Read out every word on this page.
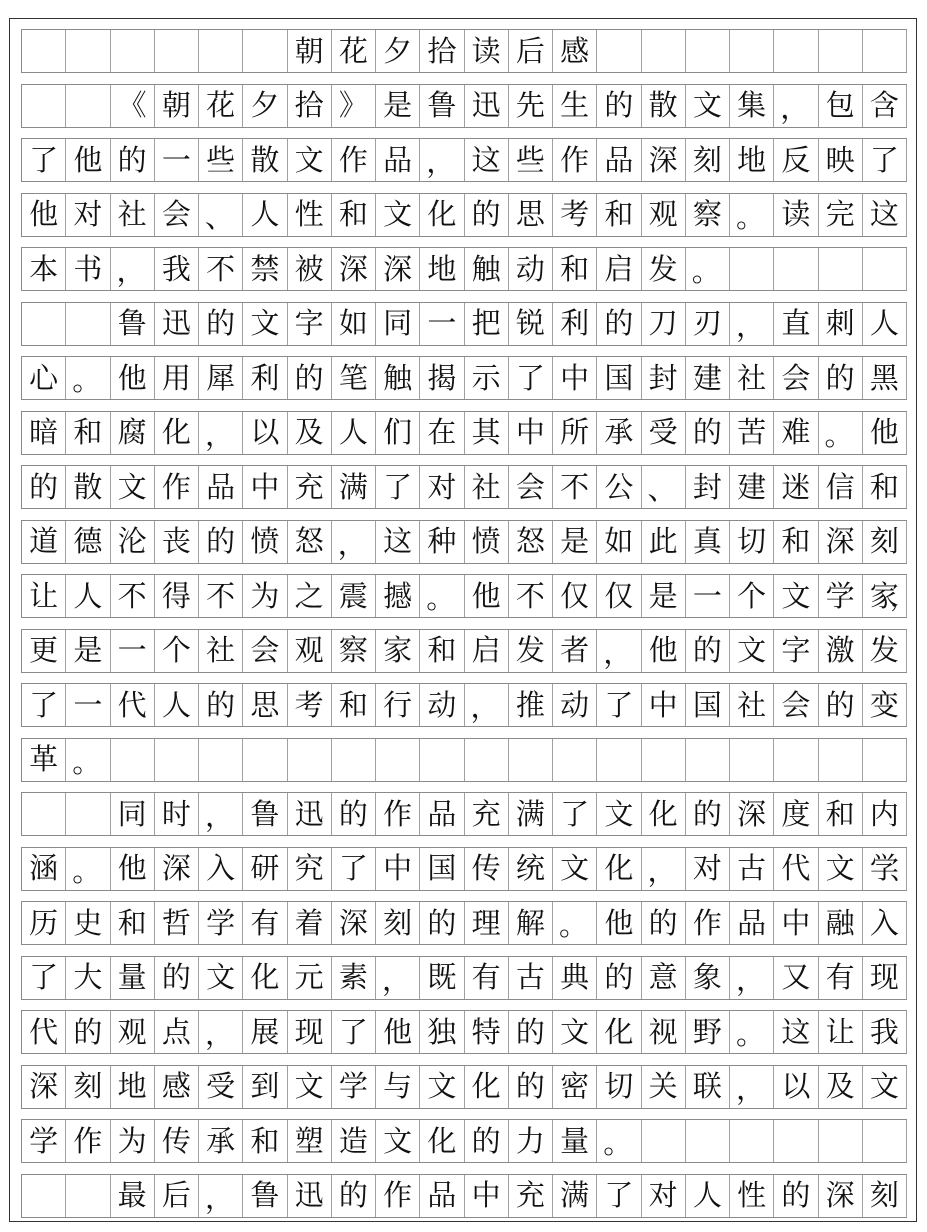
朝 花 夕 拾 读 后 感
《 朝 花 夕 拾 》 是 鲁 迅 先 生 的 散 文 集 ， 包 含
了 他 的 一 些 散 文 作 品 ， 这 些 作 品 深 刻 地 反 映 了
他 对 社 会 、 人 性 和 文 化 的 思 考 和 观 察 。 读 完 这
本 书 ， 我 不 禁 被 深 深 地 触 动 和 启 发 。
鲁 迅 的 文 字 如 同 一 把 锐 利 的 刀 刃 ， 直 刺 人
心 。 他 用 犀 利 的 笔 触 揭 示 了 中 国 封 建 社 会 的 黑
暗 和 腐 化 ， 以 及 人 们 在 其 中 所 承 受 的 苦 难 。 他
的 散 文 作 品 中 充 满 了 对 社 会 不 公 、 封 建 迷 信 和
道 德 沦 丧 的 愤 怒 ， 这 种 愤 怒 是 如 此 真 切 和 深 刻
让 人 不 得 不 为 之 震 撼 。 他 不 仅 仅 是 一 个 文 学 家 ，
更 是 一 个 社 会 观 察 家 和 启 发 者 ， 他 的 文 字 激 发
了 一 代 人 的 思 考 和 行 动 ， 推 动 了 中 国 社 会 的 变
革 。
同 时 ， 鲁 迅 的 作 品 充 满 了 文 化 的 深 度 和 内
涵 。 他 深 入 研 究 了 中 国 传 统 文 化 ， 对 古 代 文 学 、
历 史 和 哲 学 有 着 深 刻 的 理 解 。 他 的 作 品 中 融 入
了 大 量 的 文 化 元 素 ， 既 有 古 典 的 意 象 ， 又 有 现
代 的 观 点 ， 展 现 了 他 独 特 的 文 化 视 野 。 这 让 我
深 刻 地 感 受 到 文 学 与 文 化 的 密 切 关 联 ， 以 及 文
学 作 为 传 承 和 塑 造 文 化 的 力 量 。
最 后 ， 鲁 迅 的 作 品 中 充 满 了 对 人 性 的 深 刻
